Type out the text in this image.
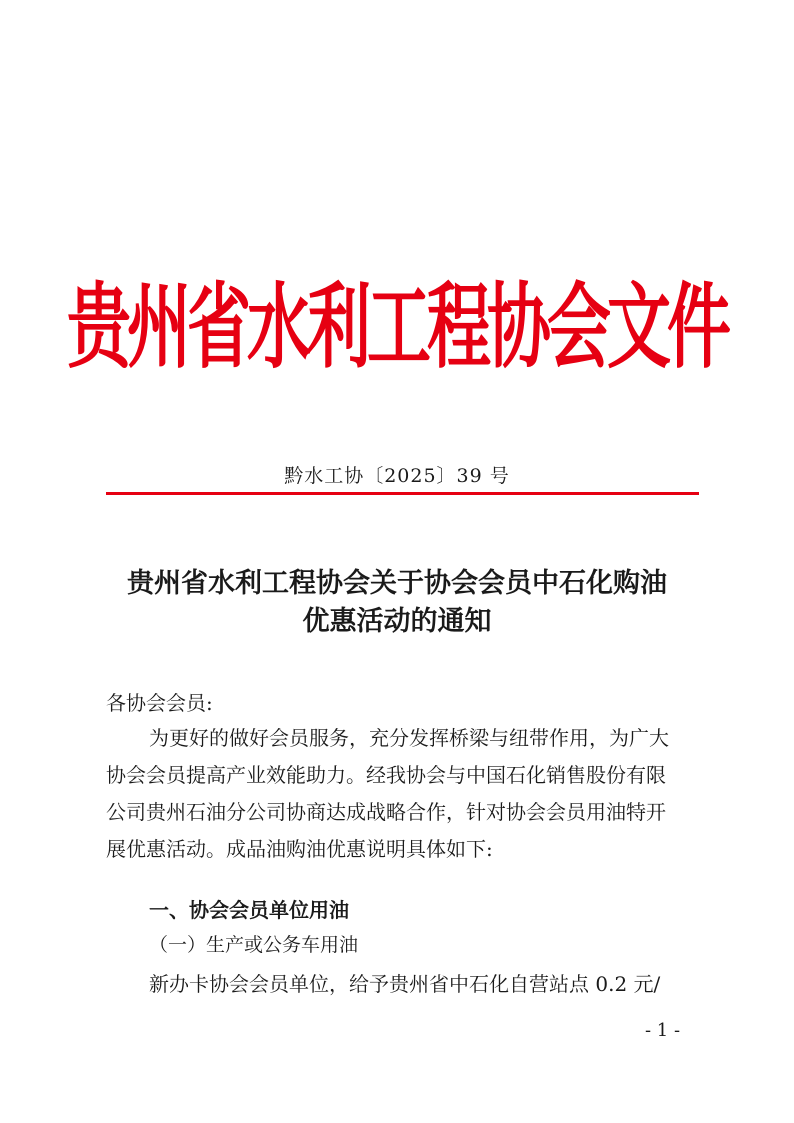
贵州省水利工程协会文件
黔水工协〔2025〕39 号
贵州省水利工程协会关于协会会员中石化购油
优惠活动的通知
各协会会员:
为更好的做好会员服务，充分发挥桥梁与纽带作用，为广大
协会会员提高产业效能助力。经我协会与中国石化销售股份有限
公司贵州石油分公司协商达成战略合作，针对协会会员用油特开
展优惠活动。成品油购油优惠说明具体如下:
一、协会会员单位用油
（一）生产或公务车用油
新办卡协会会员单位，给予贵州省中石化自营站点 0.2 元/
- 1 -
